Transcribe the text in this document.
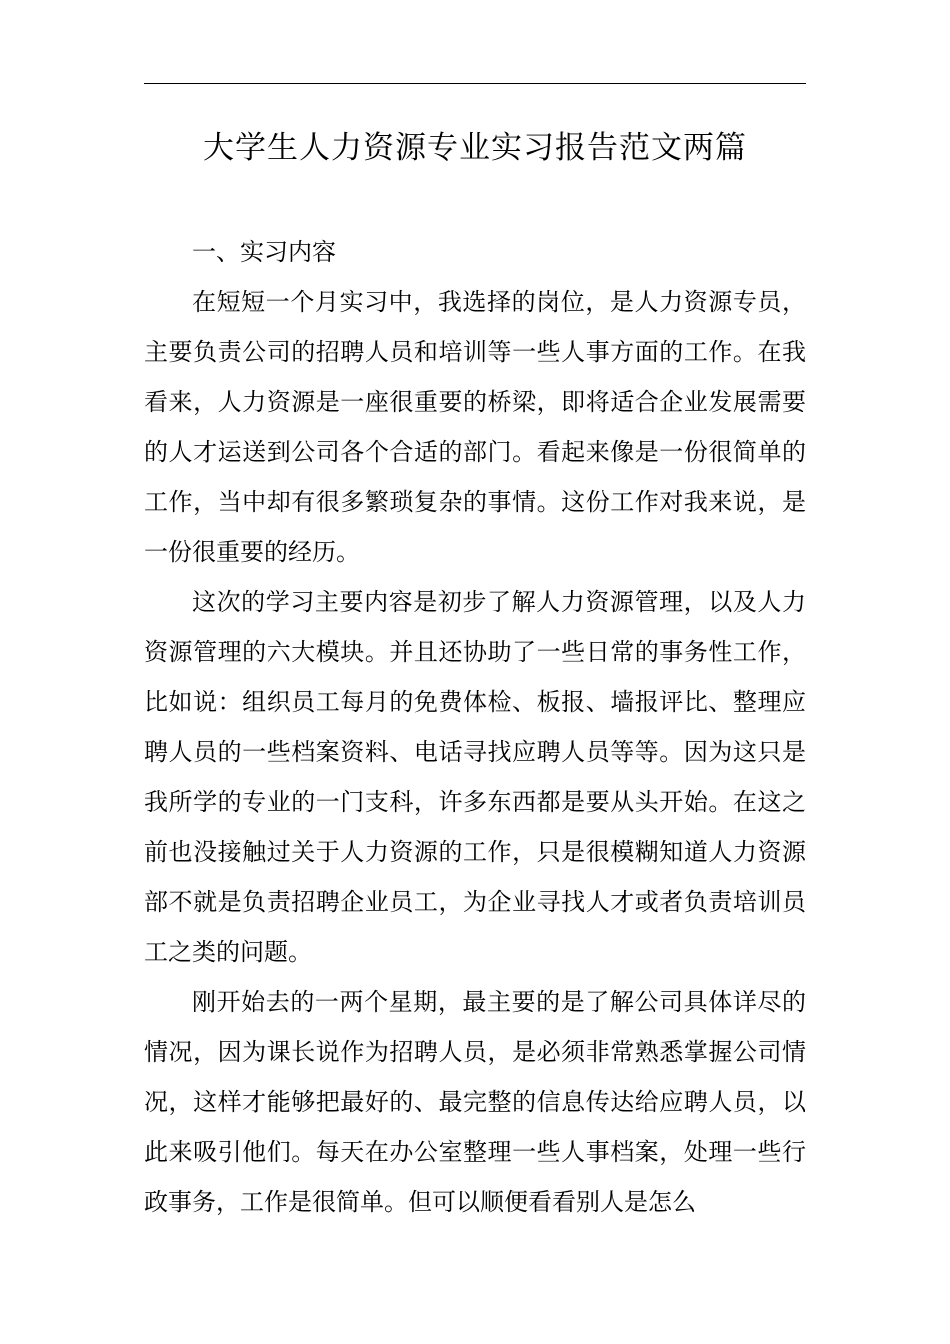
大学生人力资源专业实习报告范文两篇

一、实习内容

在短短一个月实习中，我选择的岗位，是人力资源专员，主要负责公司的招聘人员和培训等一些人事方面的工作。在我看来，人力资源是一座很重要的桥梁，即将适合企业发展需要的人才运送到公司各个合适的部门。看起来像是一份很简单的工作，当中却有很多繁琐复杂的事情。这份工作对我来说，是一份很重要的经历。

这次的学习主要内容是初步了解人力资源管理，以及人力资源管理的六大模块。并且还协助了一些日常的事务性工作，比如说：组织员工每月的免费体检、板报、墙报评比、整理应聘人员的一些档案资料、电话寻找应聘人员等等。因为这只是我所学的专业的一门支科，许多东西都是要从头开始。在这之前也没接触过关于人力资源的工作，只是很模糊知道人力资源部不就是负责招聘企业员工，为企业寻找人才或者负责培训员工之类的问题。

刚开始去的一两个星期，最主要的是了解公司具体详尽的情况，因为课长说作为招聘人员，是必须非常熟悉掌握公司情况，这样才能够把最好的、最完整的信息传达给应聘人员，以此来吸引他们。每天在办公室整理一些人事档案，处理一些行政事务，工作是很简单。但可以顺便看看别人是怎么
